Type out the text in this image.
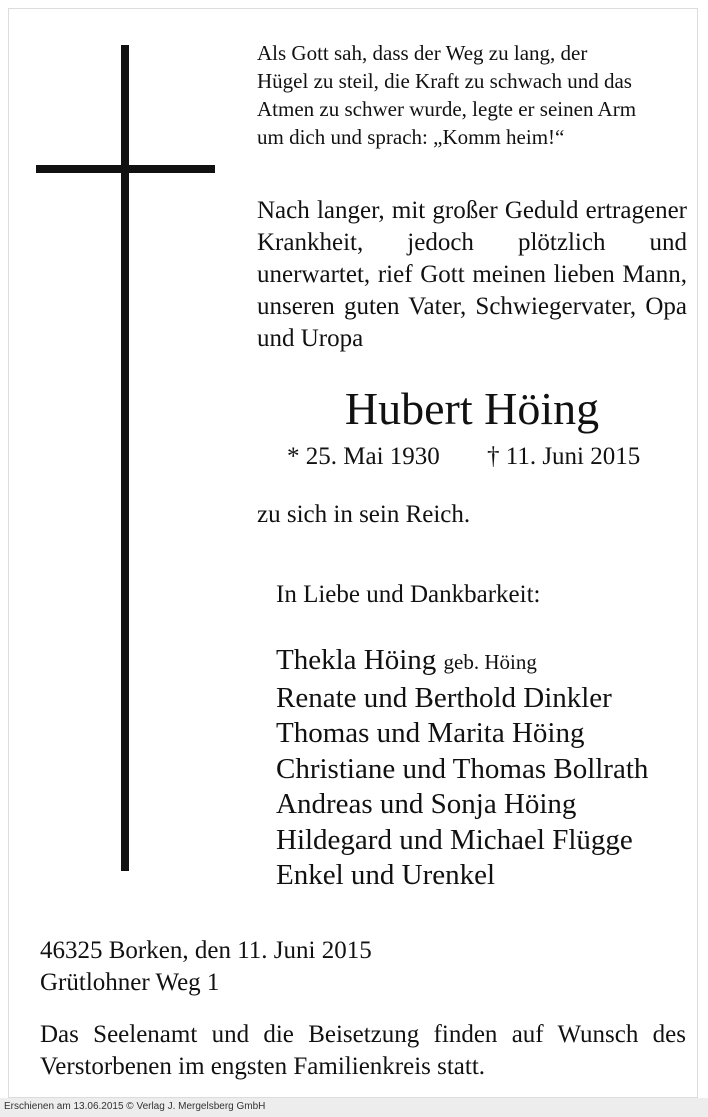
Als Gott sah, dass der Weg zu lang, der
Hügel zu steil, die Kraft zu schwach und das
Atmen zu schwer wurde, legte er seinen Arm
um dich und sprach: „Komm heim!“

Nach langer, mit großer Geduld ertragener Krankheit, jedoch plötzlich und unerwartet, rief Gott meinen lieben Mann, unseren guten Vater, Schwiegervater, Opa und Uropa

Hubert Höing
* 25. Mai 1930 † 11. Juni 2015

zu sich in sein Reich.

In Liebe und Dankbarkeit:

Thekla Höing geb. Höing
Renate und Berthold Dinkler
Thomas und Marita Höing
Christiane und Thomas Bollrath
Andreas und Sonja Höing
Hildegard und Michael Flügge
Enkel und Urenkel

46325 Borken, den 11. Juni 2015
Grütlohner Weg 1

Das Seelenamt und die Beisetzung finden auf Wunsch des Verstorbenen im engsten Familienkreis statt.

Erschienen am 13.06.2015 © Verlag J. Mergelsberg GmbH
